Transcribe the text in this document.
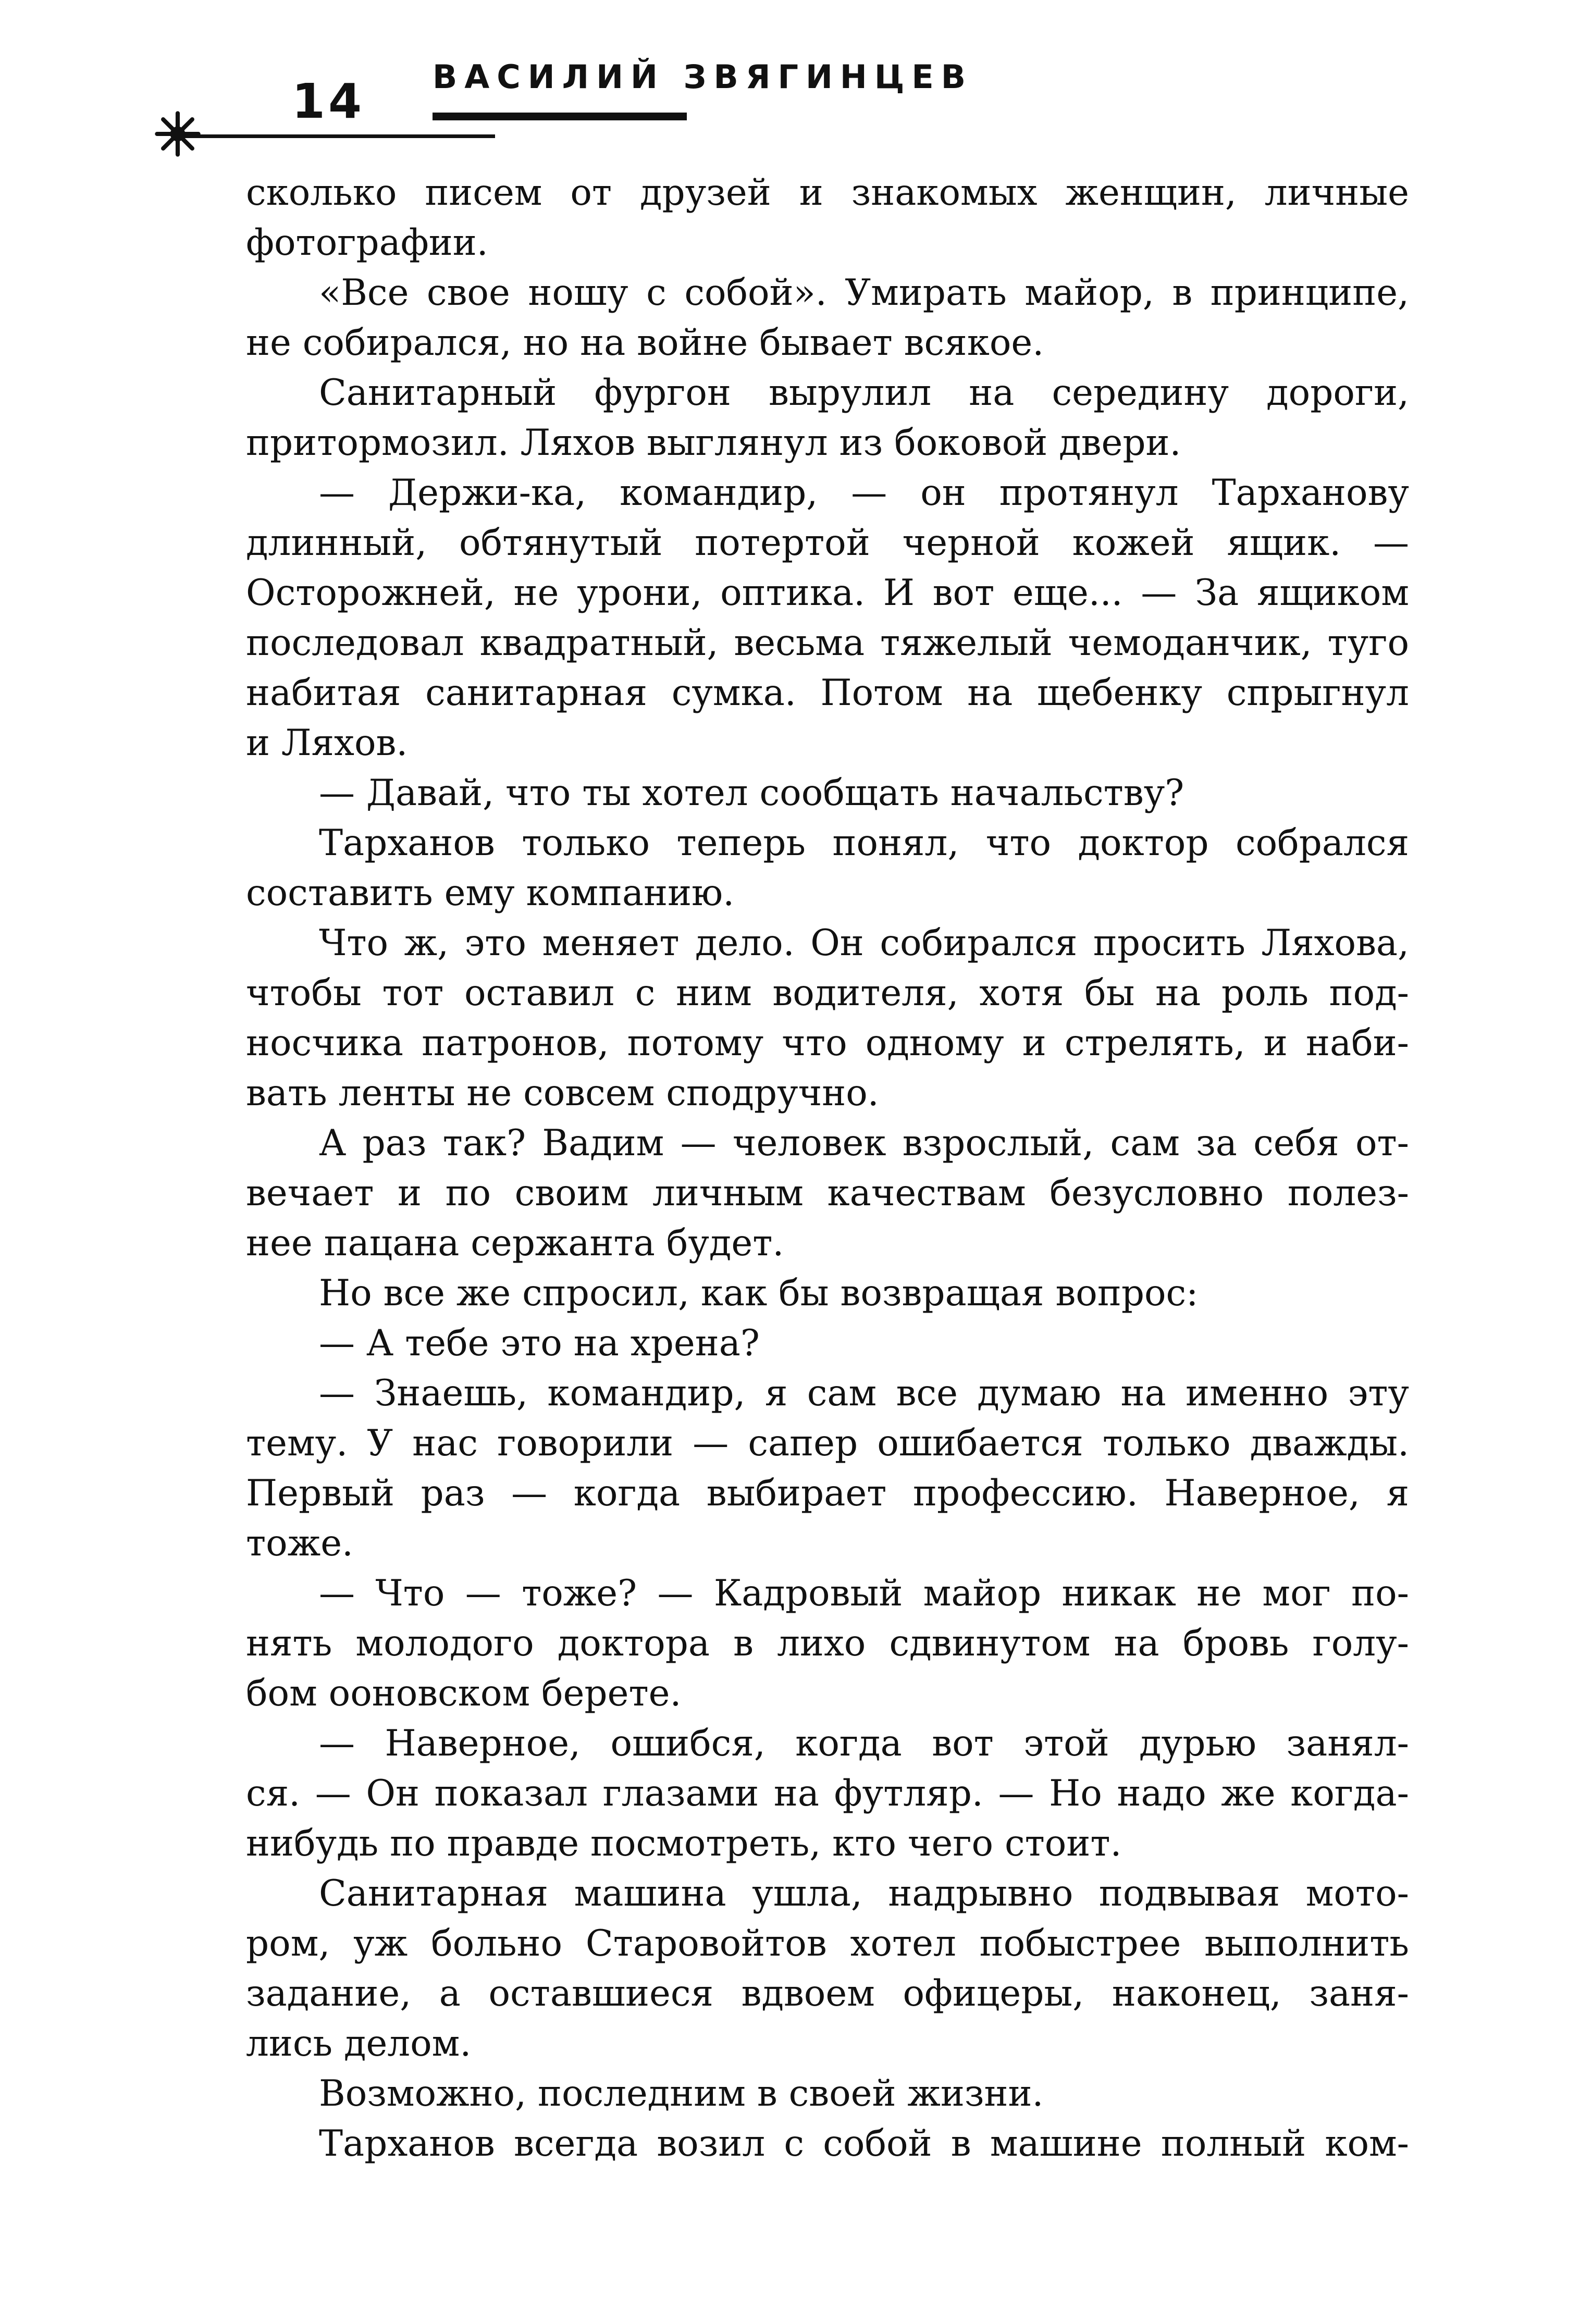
14 ВАСИЛИЙ ЗВЯГИНЦЕВ
сколько писем от друзей и знакомых женщин, личные
фотографии.
«Все свое ношу с собой». Умирать майор, в принципе,
не собирался, но на войне бывает всякое.
Санитарный фургон вырулил на середину дороги,
притормозил. Ляхов выглянул из боковой двери.
— Держи-ка, командир, — он протянул Тарханову
длинный, обтянутый потертой черной кожей ящик. —
Осторожней, не урони, оптика. И вот еще... — За ящиком
последовал квадратный, весьма тяжелый чемоданчик, туго
набитая санитарная сумка. Потом на щебенку спрыгнул
и Ляхов.
— Давай, что ты хотел сообщать начальству?
Тарханов только теперь понял, что доктор собрался
составить ему компанию.
Что ж, это меняет дело. Он собирался просить Ляхова,
чтобы тот оставил с ним водителя, хотя бы на роль под-
носчика патронов, потому что одному и стрелять, и наби-
вать ленты не совсем сподручно.
А раз так? Вадим — человек взрослый, сам за себя от-
вечает и по своим личным качествам безусловно полез-
нее пацана сержанта будет.
Но все же спросил, как бы возвращая вопрос:
— А тебе это на хрена?
— Знаешь, командир, я сам все думаю на именно эту
тему. У нас говорили — сапер ошибается только дважды.
Первый раз — когда выбирает профессию. Наверное, я
тоже.
— Что — тоже? — Кадровый майор никак не мог по-
нять молодого доктора в лихо сдвинутом на бровь голу-
бом ооновском берете.
— Наверное, ошибся, когда вот этой дурью занял-
ся. — Он показал глазами на футляр. — Но надо же когда-
нибудь по правде посмотреть, кто чего стоит.
Санитарная машина ушла, надрывно подвывая мото-
ром, уж больно Старовойтов хотел побыстрее выполнить
задание, а оставшиеся вдвоем офицеры, наконец, заня-
лись делом.
Возможно, последним в своей жизни.
Тарханов всегда возил с собой в машине полный ком-
